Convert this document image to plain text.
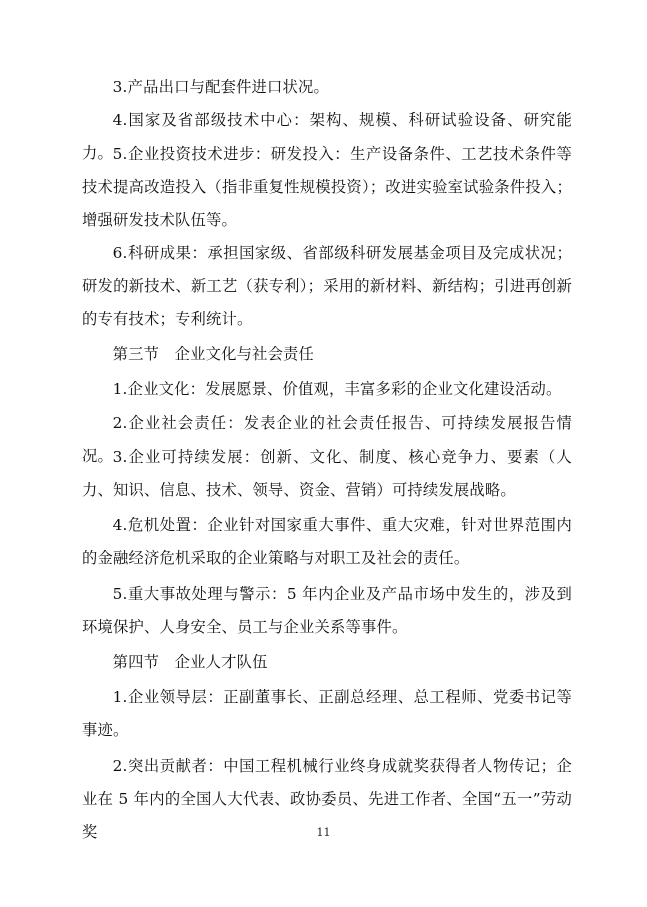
3.产品出口与配套件进口状况。

4.国家及省部级技术中心：架构、规模、科研试验设备、研究能力。 5.企业投资技术进步：研发投入：生产设备条件、工艺技术条件等技术提高改造投入（指非重复性规模投资）；改进实验室试验条件投入；增强研发技术队伍等。

6.科研成果：承担国家级、省部级科研发展基金项目及完成状况；研发的新技术、新工艺（获专利）；采用的新材料、新结构；引进再创新的专有技术；专利统计。

第三节　企业文化与社会责任

1.企业文化：发展愿景、价值观，丰富多彩的企业文化建设活动。

2.企业社会责任：发表企业的社会责任报告、可持续发展报告情况。 3.企业可持续发展：创新、文化、制度、核心竞争力、要素（人力、知识、信息、技术、领导、资金、营销）可持续发展战略。

4.危机处置：企业针对国家重大事件、重大灾难，针对世界范围内的金融经济危机采取的企业策略与对职工及社会的责任。

5.重大事故处理与警示：5 年内企业及产品市场中发生的，涉及到环境保护、人身安全、员工与企业关系等事件。

第四节　企业人才队伍

1.企业领导层：正副董事长、正副总经理、总工程师、党委书记等事迹。

2.突出贡献者：中国工程机械行业终身成就奖获得者人物传记；企业在 5 年内的全国人大代表、政协委员、先进工作者、全国“五一”劳动奖	11
